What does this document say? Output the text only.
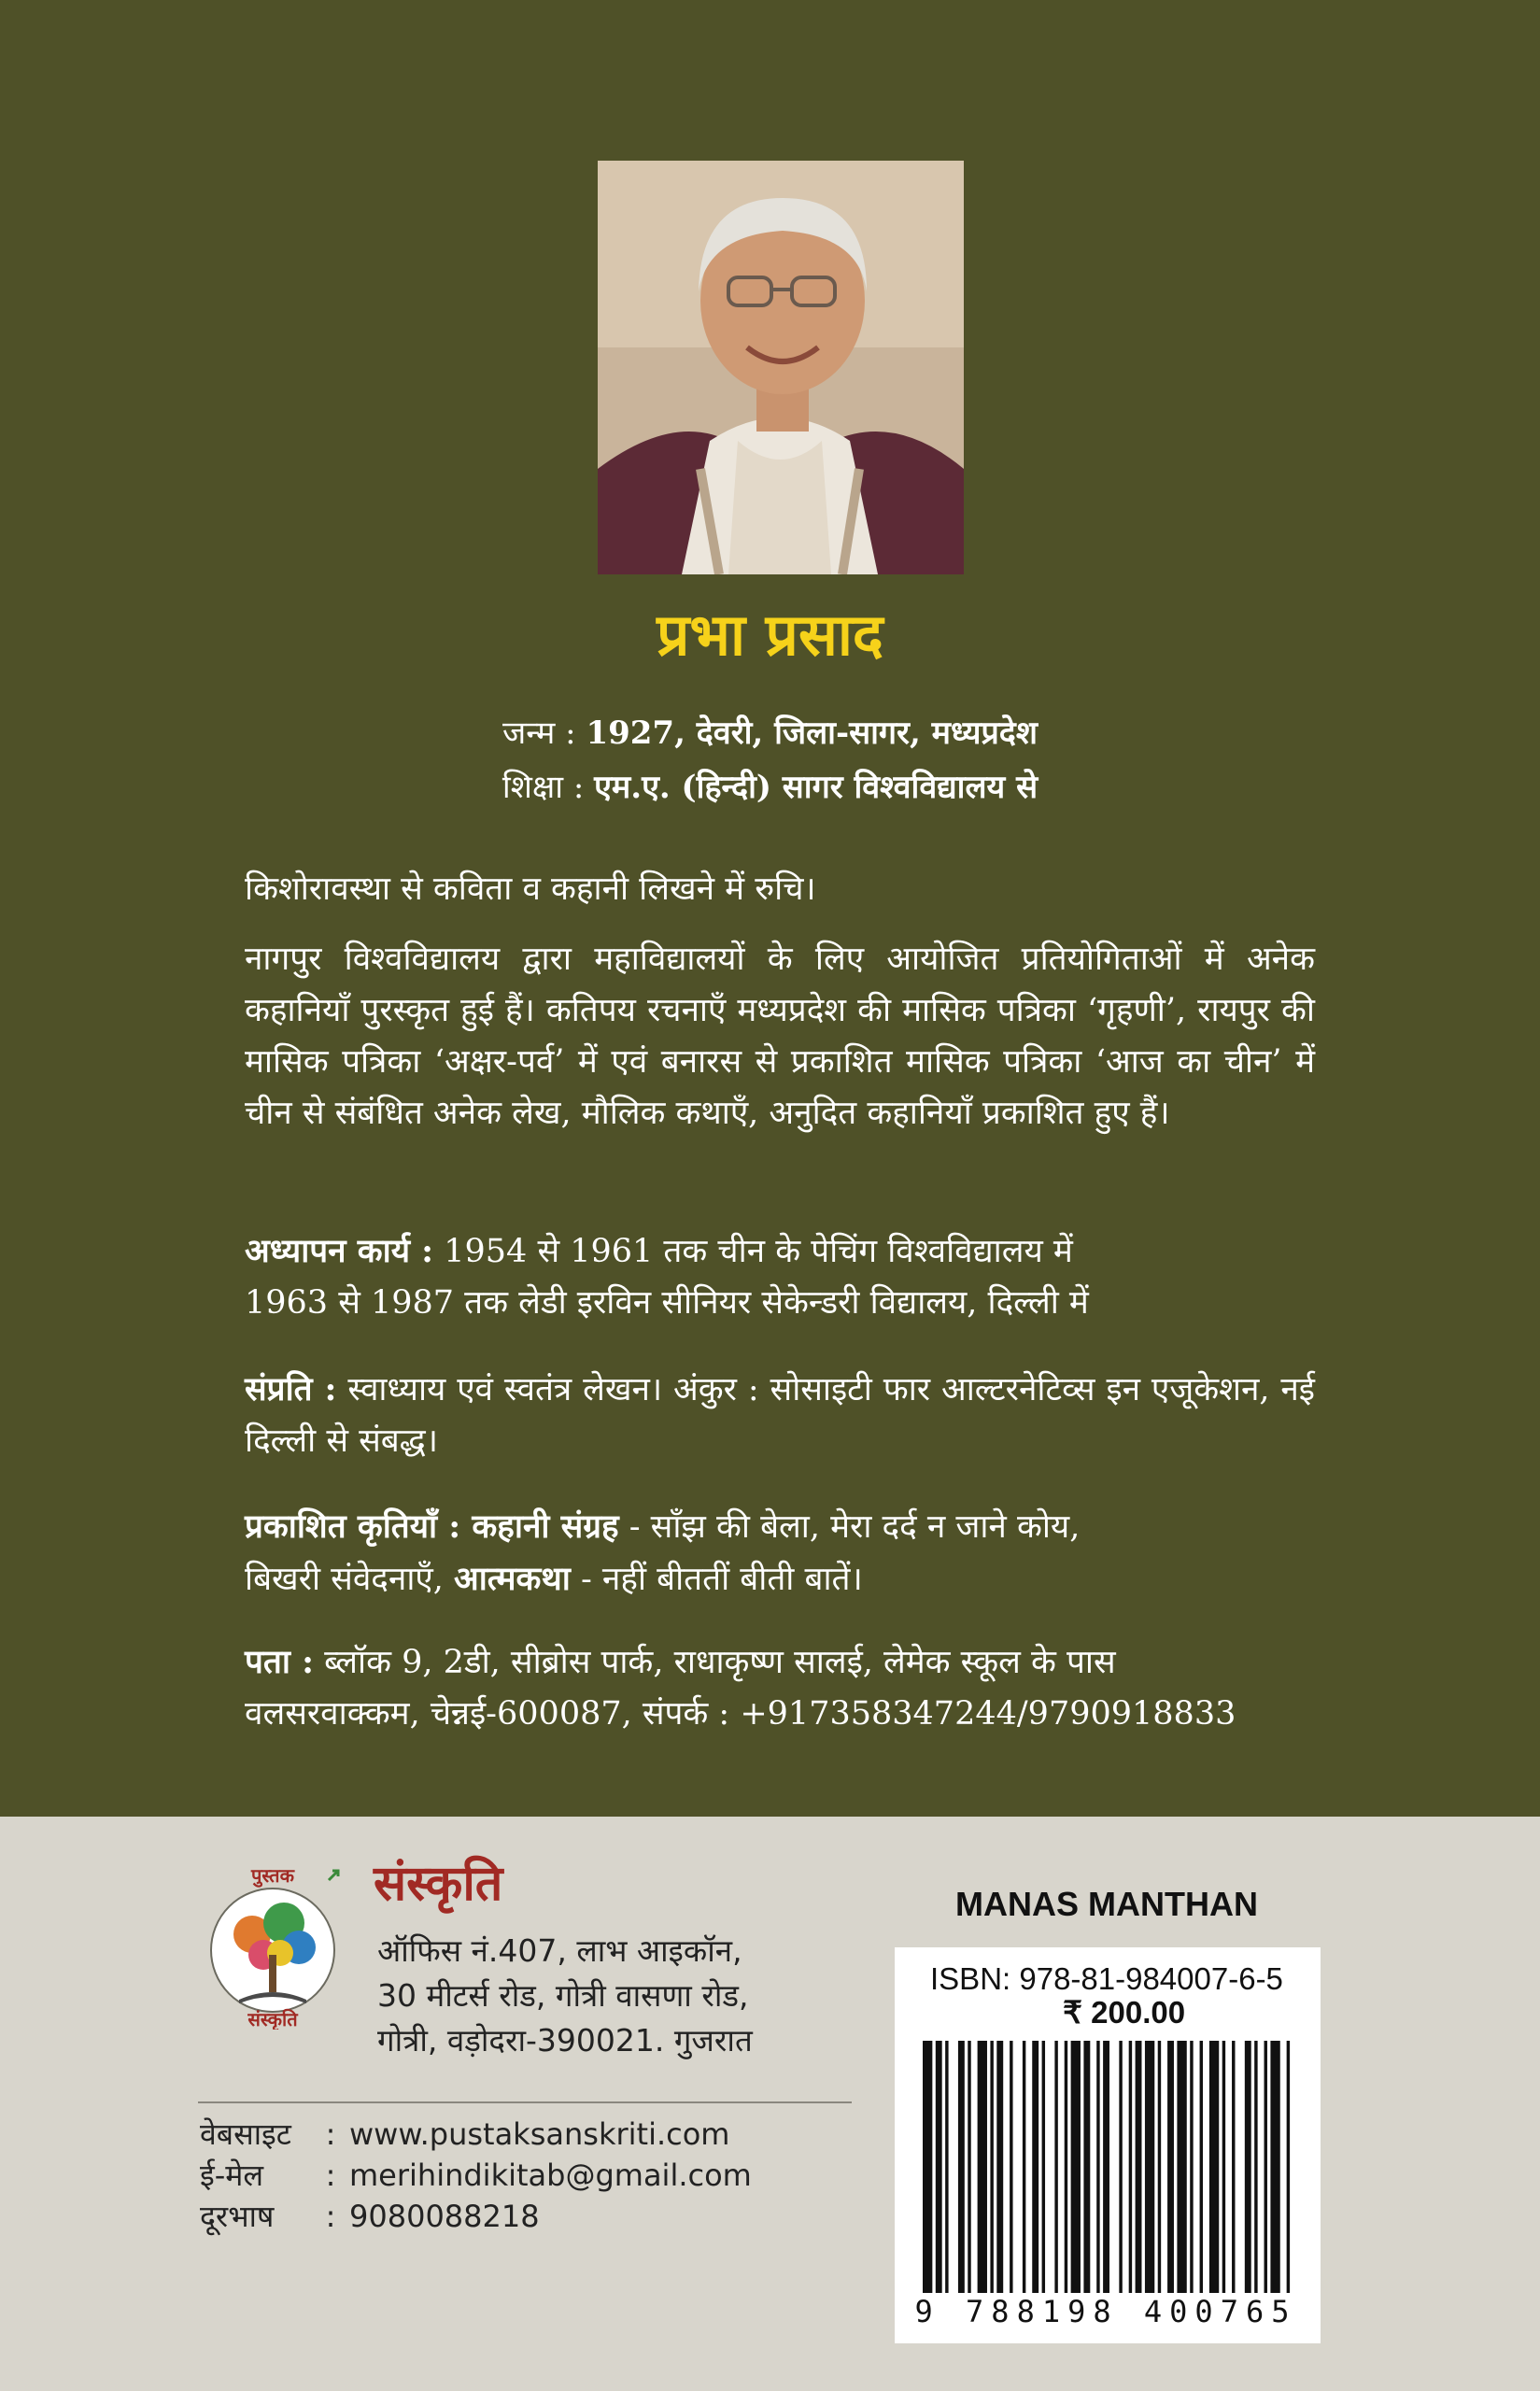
प्रभा प्रसाद
जन्म : 1927, देवरी, जिला-सागर, मध्यप्रदेश
शिक्षा : एम.ए. (हिन्दी) सागर विश्वविद्यालय से

किशोरावस्था से कविता व कहानी लिखने में रुचि।

नागपुर विश्वविद्यालय द्वारा महाविद्यालयों के लिए आयोजित प्रतियोगिताओं में अनेक कहानियाँ पुरस्कृत हुई हैं। कतिपय रचनाएँ मध्यप्रदेश की मासिक पत्रिका ‘गृहणी’, रायपुर की मासिक पत्रिका ‘अक्षर-पर्व’ में एवं बनारस से प्रकाशित मासिक पत्रिका ‘आज का चीन’ में चीन से संबंधित अनेक लेख, मौलिक कथाएँ, अनुदित कहानियाँ प्रकाशित हुए हैं।

अध्यापन कार्य : 1954 से 1961 तक चीन के पेचिंग विश्वविद्यालय में

1963 से 1987 तक लेडी इरविन सीनियर सेकेन्डरी विद्यालय, दिल्ली में

संप्रति : स्वाध्याय एवं स्वतंत्र लेखन। अंकुर : सोसाइटी फार आल्टरनेटिव्स इन एजूकेशन, नई दिल्ली से संबद्ध।

प्रकाशित कृतियाँ : कहानी संग्रह - साँझ की बेला, मेरा दर्द न जाने कोय,

बिखरी संवेदनाएँ, आत्मकथा - नहीं बीततीं बीती बातें।

पता : ब्लॉक 9, 2डी, सीब्रोस पार्क, राधाकृष्ण सालई, लेमेक स्कूल के पास

वलसरवाक्कम, चेन्नई-600087, संपर्क : +917358347244/9790918833

पुस्तक
संस्कृति
संस्कृति
ऑफिस नं.407, लाभ आइकॉन,
30 मीटर्स रोड, गोत्री वासणा रोड,
गोत्री, वड़ोदरा-390021. गुजरात
वेबसाइट : www.pustaksanskriti.com
ई-मेल : merihindikitab@gmail.com
दूरभाष : 9080088218
MANAS MANTHAN
ISBN: 978-81-984007-6-5
₹ 200.00
9 788198 400765
